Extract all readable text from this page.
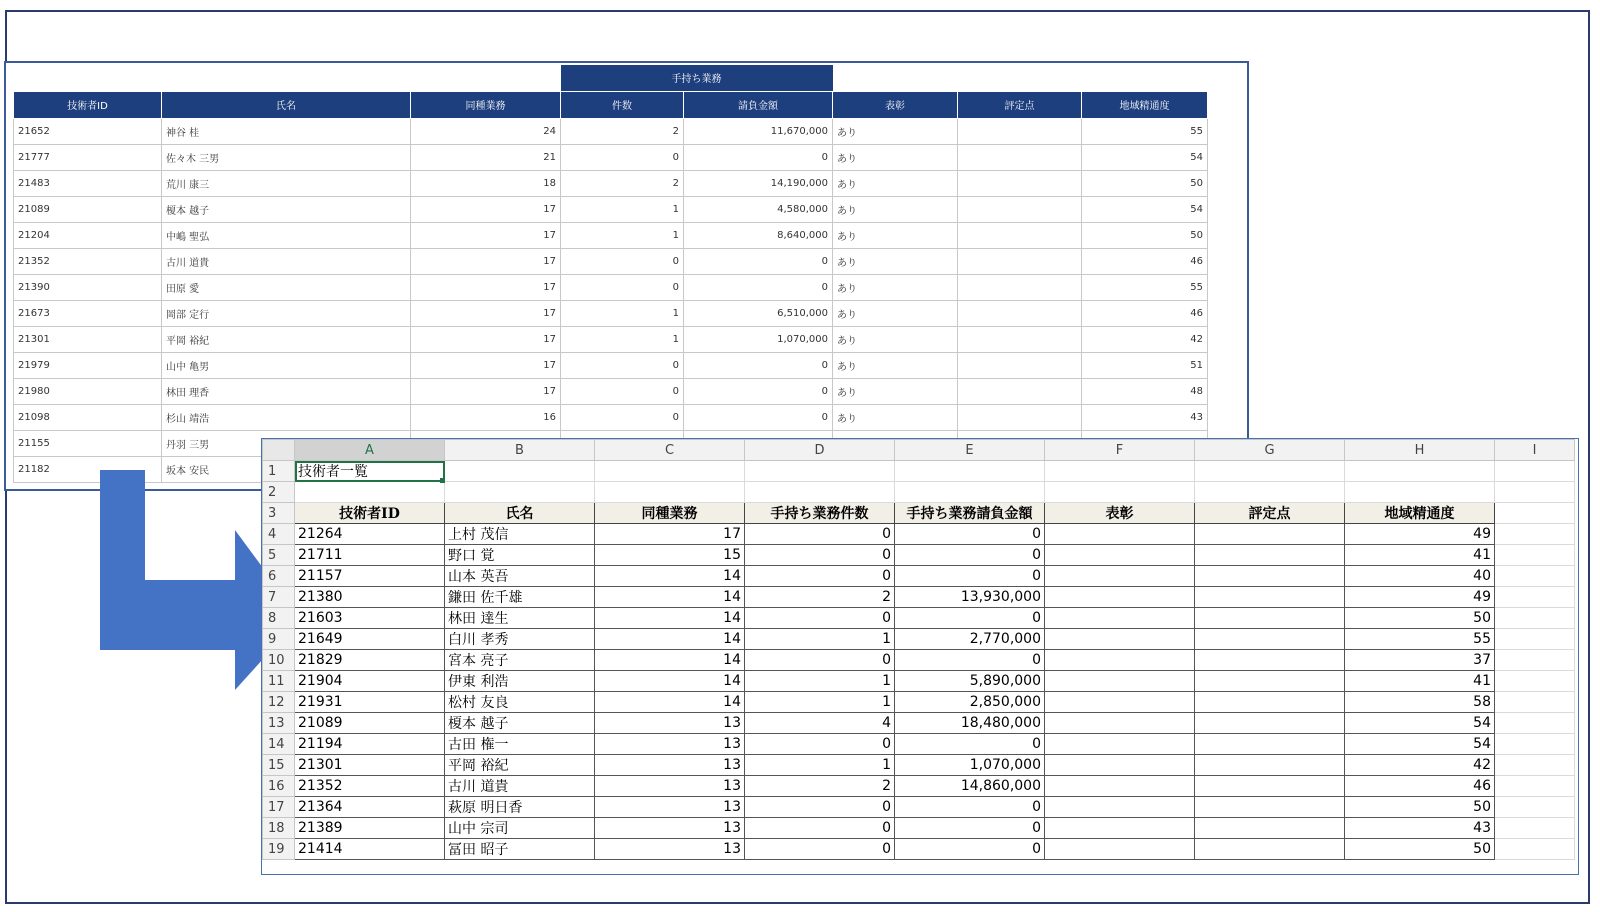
			手持ち業務				
技術者ID	氏名	同種業務	件数	請負金額	表彰	評定点	地域精通度
21652	神谷 桂	24	2	11,670,000	あり		55
21777	佐々木 三男	21	0	0	あり		54
21483	荒川 康三	18	2	14,190,000	あり		50
21089	榎本 越子	17	1	4,580,000	あり		54
21204	中嶋 聖弘	17	1	8,640,000	あり		50
21352	古川 道貴	17	0	0	あり		46
21390	田原 愛	17	0	0	あり		55
21673	岡部 定行	17	1	6,510,000	あり		46
21301	平岡 裕紀	17	1	1,070,000	あり		42
21979	山中 亀男	17	0	0	あり		51
21980	林田 理香	17	0	0	あり		48
21098	杉山 靖浩	16	0	0	あり		43
21155	丹羽 三男						
21182	坂本 安民						
	A	B	C	D	E	F	G	H	I
1	技術者一覧								
2									
3	技術者ID	氏名	同種業務	手持ち業務件数	手持ち業務請負金額	表彰	評定点	地域精通度	
4	21264	上村 茂信	17	0	0			49	
5	21711	野口 覚	15	0	0			41	
6	21157	山本 英吾	14	0	0			40	
7	21380	鎌田 佐千雄	14	2	13,930,000			49	
8	21603	林田 達生	14	0	0			50	
9	21649	白川 孝秀	14	1	2,770,000			55	
10	21829	宮本 亮子	14	0	0			37	
11	21904	伊東 利浩	14	1	5,890,000			41	
12	21931	松村 友良	14	1	2,850,000			58	
13	21089	榎本 越子	13	4	18,480,000			54	
14	21194	古田 権一	13	0	0			54	
15	21301	平岡 裕紀	13	1	1,070,000			42	
16	21352	古川 道貴	13	2	14,860,000			46	
17	21364	萩原 明日香	13	0	0			50	
18	21389	山中 宗司	13	0	0			43	
19	21414	冨田 昭子	13	0	0			50	
